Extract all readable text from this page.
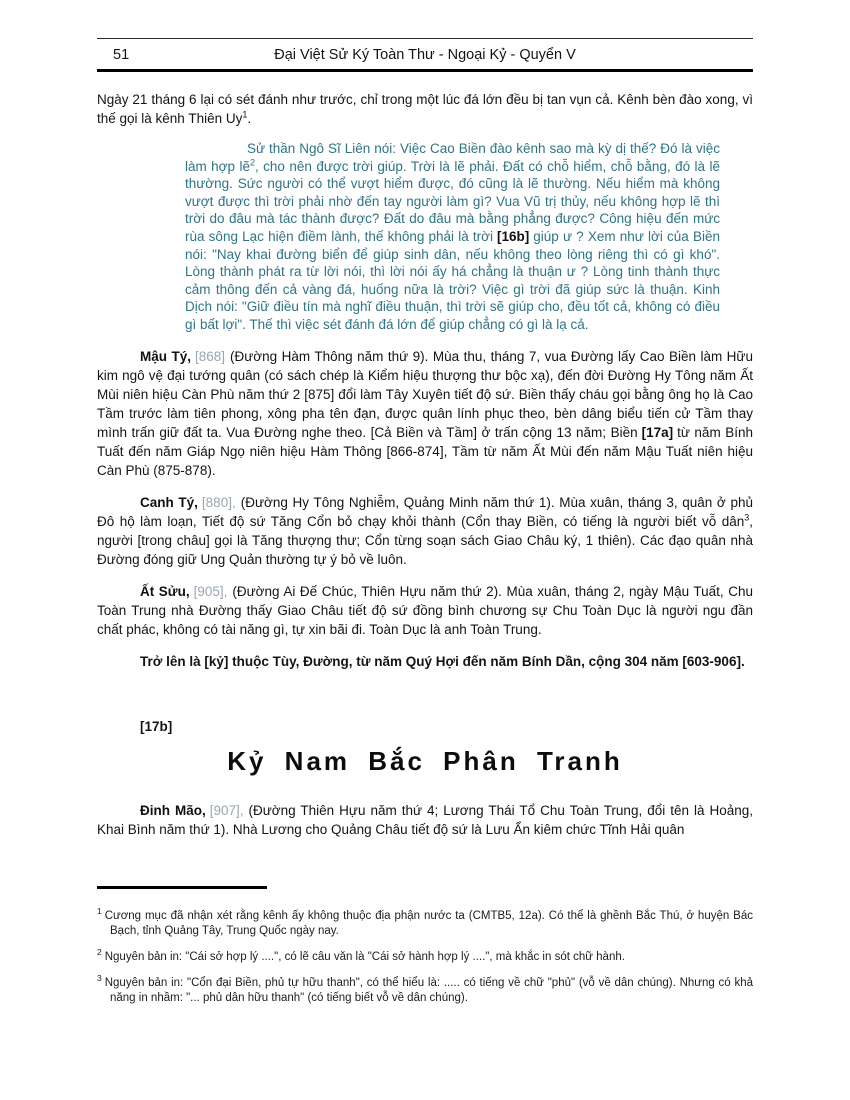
51	Đại Việt Sử Ký Toàn Thư - Ngoại Kỷ - Quyển V

Ngày 21 tháng 6 lại có sét đánh như trước, chỉ trong một lúc đá lớn đều bị tan vụn cả. Kênh bèn đào xong, vì thế gọi là kênh Thiên Uy$^1$.

Sử thần Ngô Sĩ Liên nói: Việc Cao Biền đào kênh sao mà kỳ dị thế? Đó là việc làm hợp lẽ$^2$, cho nên được trời giúp. Trời là lẽ phải. Đất có chỗ hiểm, chỗ bằng, đó là lẽ thường. Sức người có thể vượt hiểm được, đó cũng là lẽ thường. Nếu hiểm mà không vượt được thì trời phải nhờ đến tay người làm gì? Vua Vũ trị thủy, nếu không hợp lẽ thì trời do đâu mà tác thành được? Đất do đâu mà bằng phẳng được? Công hiệu đến mức rùa sông Lạc hiện điềm lành, thế không phải là trời [16b] giúp ư ? Xem như lời của Biền nói: "Nay khai đường biển để giúp sinh dân, nếu không theo lòng riêng thì có gì khó". Lòng thành phát ra từ lời nói, thì lời nói ấy há chẳng là thuận ư ? Lòng tinh thành thực cảm thông đến cả vàng đá, huống nữa là trời? Việc gì trời đã giúp sức là thuận. Kinh Dịch nói: "Giữ điều tín mà nghĩ điều thuận, thì trời sẽ giúp cho, đều tốt cả, không có điều gì bất lợi". Thế thì việc sét đánh đá lớn để giúp chẳng có gì là lạ cả.

Mậu Tý, [868] (Đường Hàm Thông năm thứ 9). Mùa thu, tháng 7, vua Đường lấy Cao Biền làm Hữu kim ngô vệ đại tướng quân (có sách chép là Kiểm hiệu thượng thư bộc xạ), đến đời Đường Hy Tông năm Ất Mùi niên hiệu Càn Phù năm thứ 2 [875] đổi làm Tây Xuyên tiết độ sứ. Biền thấy cháu gọi bằng ông họ là Cao Tầm trước làm tiên phong, xông pha tên đạn, được quân lính phục theo, bèn dâng biểu tiến cử Tầm thay mình trấn giữ đất ta. Vua Đường nghe theo. [Cả Biền và Tầm] ở trấn cộng 13 năm; Biền [17a] từ năm Bính Tuất đến năm Giáp Ngọ niên hiệu Hàm Thông [866-874], Tầm từ năm Ất Mùi đến năm Mậu Tuất niên hiệu Càn Phù (875-878).

Canh Tý, [880], (Đường Hy Tông Nghiễm, Quảng Minh năm thứ 1). Mùa xuân, tháng 3, quân ở phủ Đô hộ làm loạn, Tiết độ sứ Tăng Cổn bỏ chạy khỏi thành (Cổn thay Biền, có tiếng là người biết vỗ dân$^3$, người [trong châu] gọi là Tăng thượng thư; Cổn từng soạn sách Giao Châu ký, 1 thiên). Các đạo quân nhà Đường đóng giữ Ung Quản thường tự ý bỏ về luôn.

Ất Sửu, [905], (Đường Ai Đế Chúc, Thiên Hựu năm thứ 2). Mùa xuân, tháng 2, ngày Mậu Tuất, Chu Toàn Trung nhà Đường thấy Giao Châu tiết độ sứ đồng bình chương sự Chu Toàn Dục là người ngu đần chất phác, không có tài năng gì, tự xin bãi đi. Toàn Dục là anh Toàn Trung.

Trở lên là [kỷ] thuộc Tùy, Đường, từ năm Quý Hợi đến năm Bính Dần, cộng 304 năm [603-906].

[17b]

Kỷ Nam Bắc Phân Tranh

Đinh Mão, [907], (Đường Thiên Hựu năm thứ 4; Lương Thái Tổ Chu Toàn Trung, đổi tên là Hoảng, Khai Bình năm thứ 1). Nhà Lương cho Quảng Châu tiết độ sứ là Lưu Ẩn kiêm chức Tĩnh Hải quân

$^1$ Cương mục đã nhận xét rằng kênh ấy không thuộc địa phận nước ta (CMTB5, 12a). Có thể là ghềnh Bắc Thú, ở huyện Bác Bạch, tỉnh Quảng Tây, Trung Quốc ngày nay.
$^2$ Nguyên bản in: "Cái sở hợp lý ....", có lẽ câu văn là "Cái sở hành hợp lý ....", mà khắc in sót chữ hành.
$^3$ Nguyên bản in: "Cổn đại Biền, phủ tự hữu thanh", có thể hiểu là: ..... có tiếng về chữ "phủ" (vỗ về dân chúng). Nhưng có khả năng in nhầm: "... phủ dân hữu thanh" (có tiếng biết vỗ về dân chúng).
